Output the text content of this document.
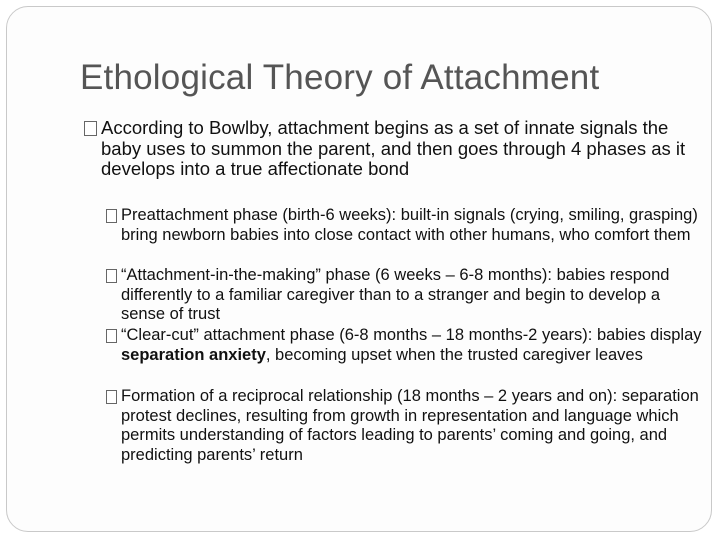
Ethological Theory of Attachment
According to Bowlby, attachment begins as a set of innate signals the baby uses to summon the parent, and then goes through 4 phases as it develops into a true affectionate bond
Preattachment phase (birth-6 weeks): built-in signals (crying, smiling, grasping) bring newborn babies into close contact with other humans, who comfort them
“Attachment-in-the-making” phase (6 weeks – 6-8 months): babies respond differently to a familiar caregiver than to a stranger and begin to develop a sense of trust
“Clear-cut” attachment phase (6-8 months – 18 months-2 years): babies display separation anxiety, becoming upset when the trusted caregiver leaves
Formation of a reciprocal relationship (18 months – 2 years and on): separation protest declines, resulting from growth in representation and language which permits understanding of factors leading to parents’ coming and going, and predicting parents’ return
